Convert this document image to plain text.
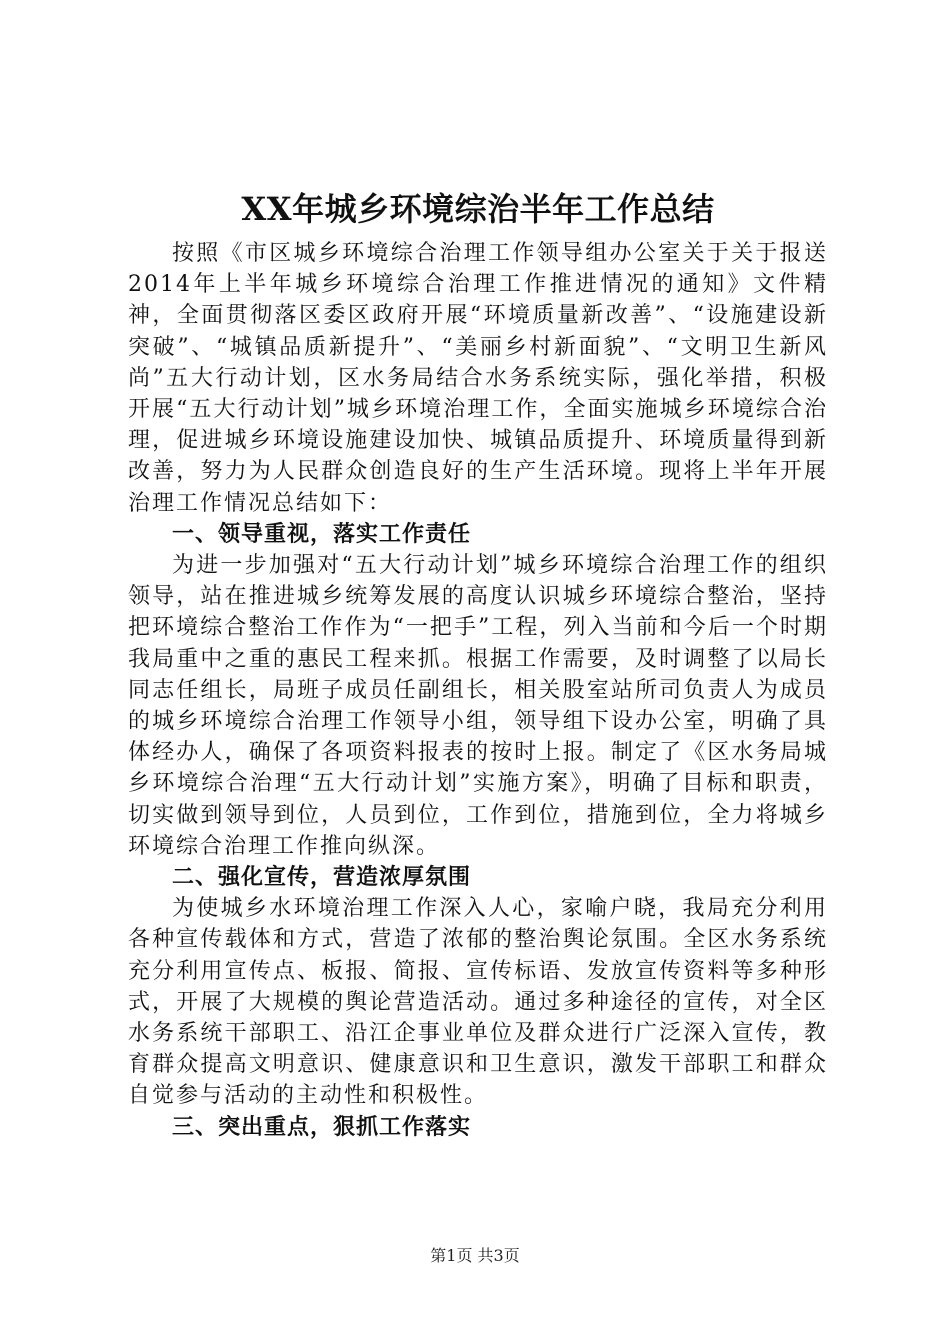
XX年城乡环境综治半年工作总结

按照《市区城乡环境综合治理工作领导组办公室关于关于报送2014年上半年城乡环境综合治理工作推进情况的通知》文件精神，全面贯彻落区委区政府开展“环境质量新改善”、“设施建设新突破”、“城镇品质新提升”、“美丽乡村新面貌”、“文明卫生新风尚”五大行动计划，区水务局结合水务系统实际，强化举措，积极开展“五大行动计划”城乡环境治理工作，全面实施城乡环境综合治理，促进城乡环境设施建设加快、城镇品质提升、环境质量得到新改善，努力为人民群众创造良好的生产生活环境。现将上半年开展治理工作情况总结如下：

一、领导重视，落实工作责任

为进一步加强对“五大行动计划”城乡环境综合治理工作的组织领导，站在推进城乡统筹发展的高度认识城乡环境综合整治，坚持把环境综合整治工作作为“一把手”工程，列入当前和今后一个时期我局重中之重的惠民工程来抓。根据工作需要，及时调整了以局长同志任组长，局班子成员任副组长，相关股室站所司负责人为成员的城乡环境综合治理工作领导小组，领导组下设办公室，明确了具体经办人，确保了各项资料报表的按时上报。制定了《区水务局城乡环境综合治理“五大行动计划”实施方案》，明确了目标和职责，切实做到领导到位，人员到位，工作到位，措施到位，全力将城乡环境综合治理工作推向纵深。

二、强化宣传，营造浓厚氛围

为使城乡水环境治理工作深入人心，家喻户晓，我局充分利用各种宣传载体和方式，营造了浓郁的整治舆论氛围。全区水务系统充分利用宣传点、板报、简报、宣传标语、发放宣传资料等多种形式，开展了大规模的舆论营造活动。通过多种途径的宣传，对全区水务系统干部职工、沿江企事业单位及群众进行广泛深入宣传，教育群众提高文明意识、健康意识和卫生意识，激发干部职工和群众自觉参与活动的主动性和积极性。

三、突出重点，狠抓工作落实

第1页 共3页
